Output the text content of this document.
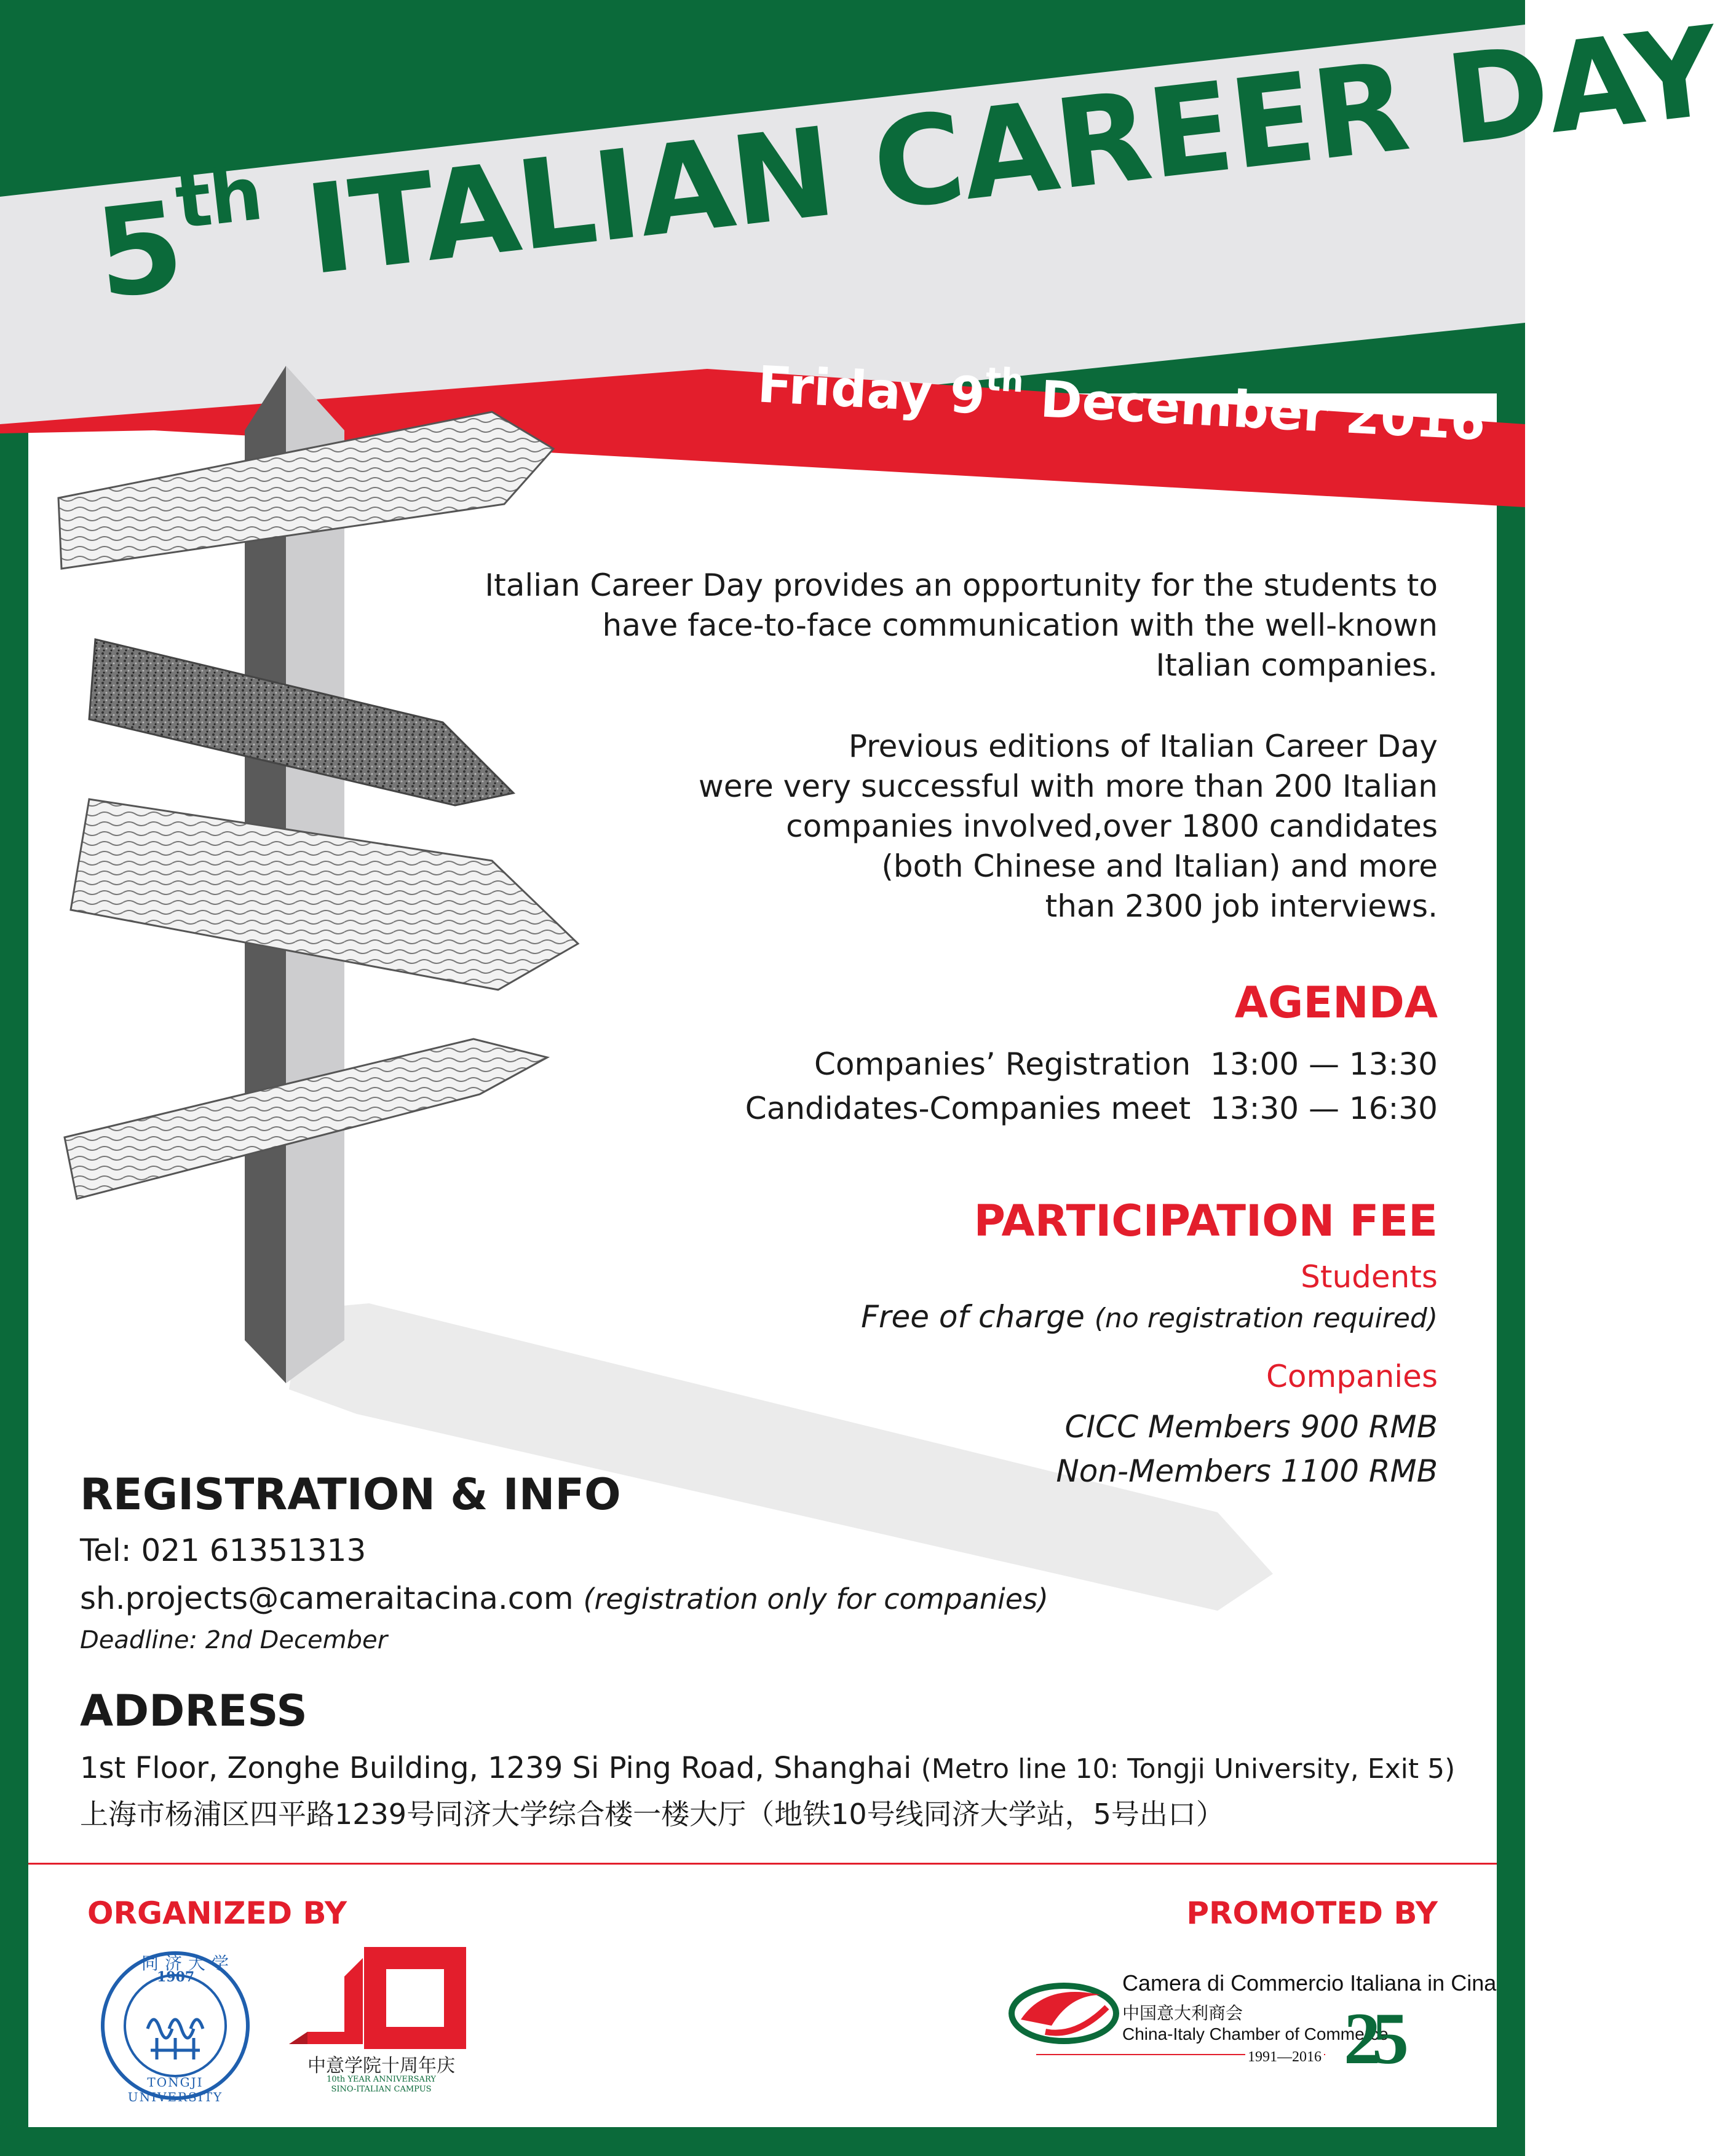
5th ITALIAN CAREER DAY
Friday 9th December 2016
Italian Career Day provides an opportunity for the students to
have face-to-face communication with the well-known
Italian companies.
Previous editions of Italian Career Day
were very successful with more than 200 Italian
companies involved,over 1800 candidates
(both Chinese and Italian) and more
than 2300 job interviews.
AGENDA
Companies’ Registration 13:00 — 13:30
Candidates-Companies meet 13:30 — 16:30
PARTICIPATION FEE
Students
Free of charge (no registration required)
Companies
CICC Members 900 RMB
Non-Members 1100 RMB
REGISTRATION & INFO
Tel: 021 61351313
sh.projects@cameraitacina.com (registration only for companies)
Deadline: 2nd December
ADDRESS
1st Floor, Zonghe Building, 1239 Si Ping Road, Shanghai (Metro line 10: Tongji University, Exit 5)
上海市杨浦区四平路1239号同济大学综合楼一楼大厅（地铁10号线同济大学站，5号出口）
ORGANIZED BY	PROMOTED BY
1907
同济大学
TONGJI UNIVERSITY
中意学院十周年庆
10th YEAR ANNIVERSARY
SINO-ITALIAN CAMPUS
Camera di Commercio Italiana in Cina
中国意大利商会
China-Italy Chamber of Commerce
1991—2016 25
